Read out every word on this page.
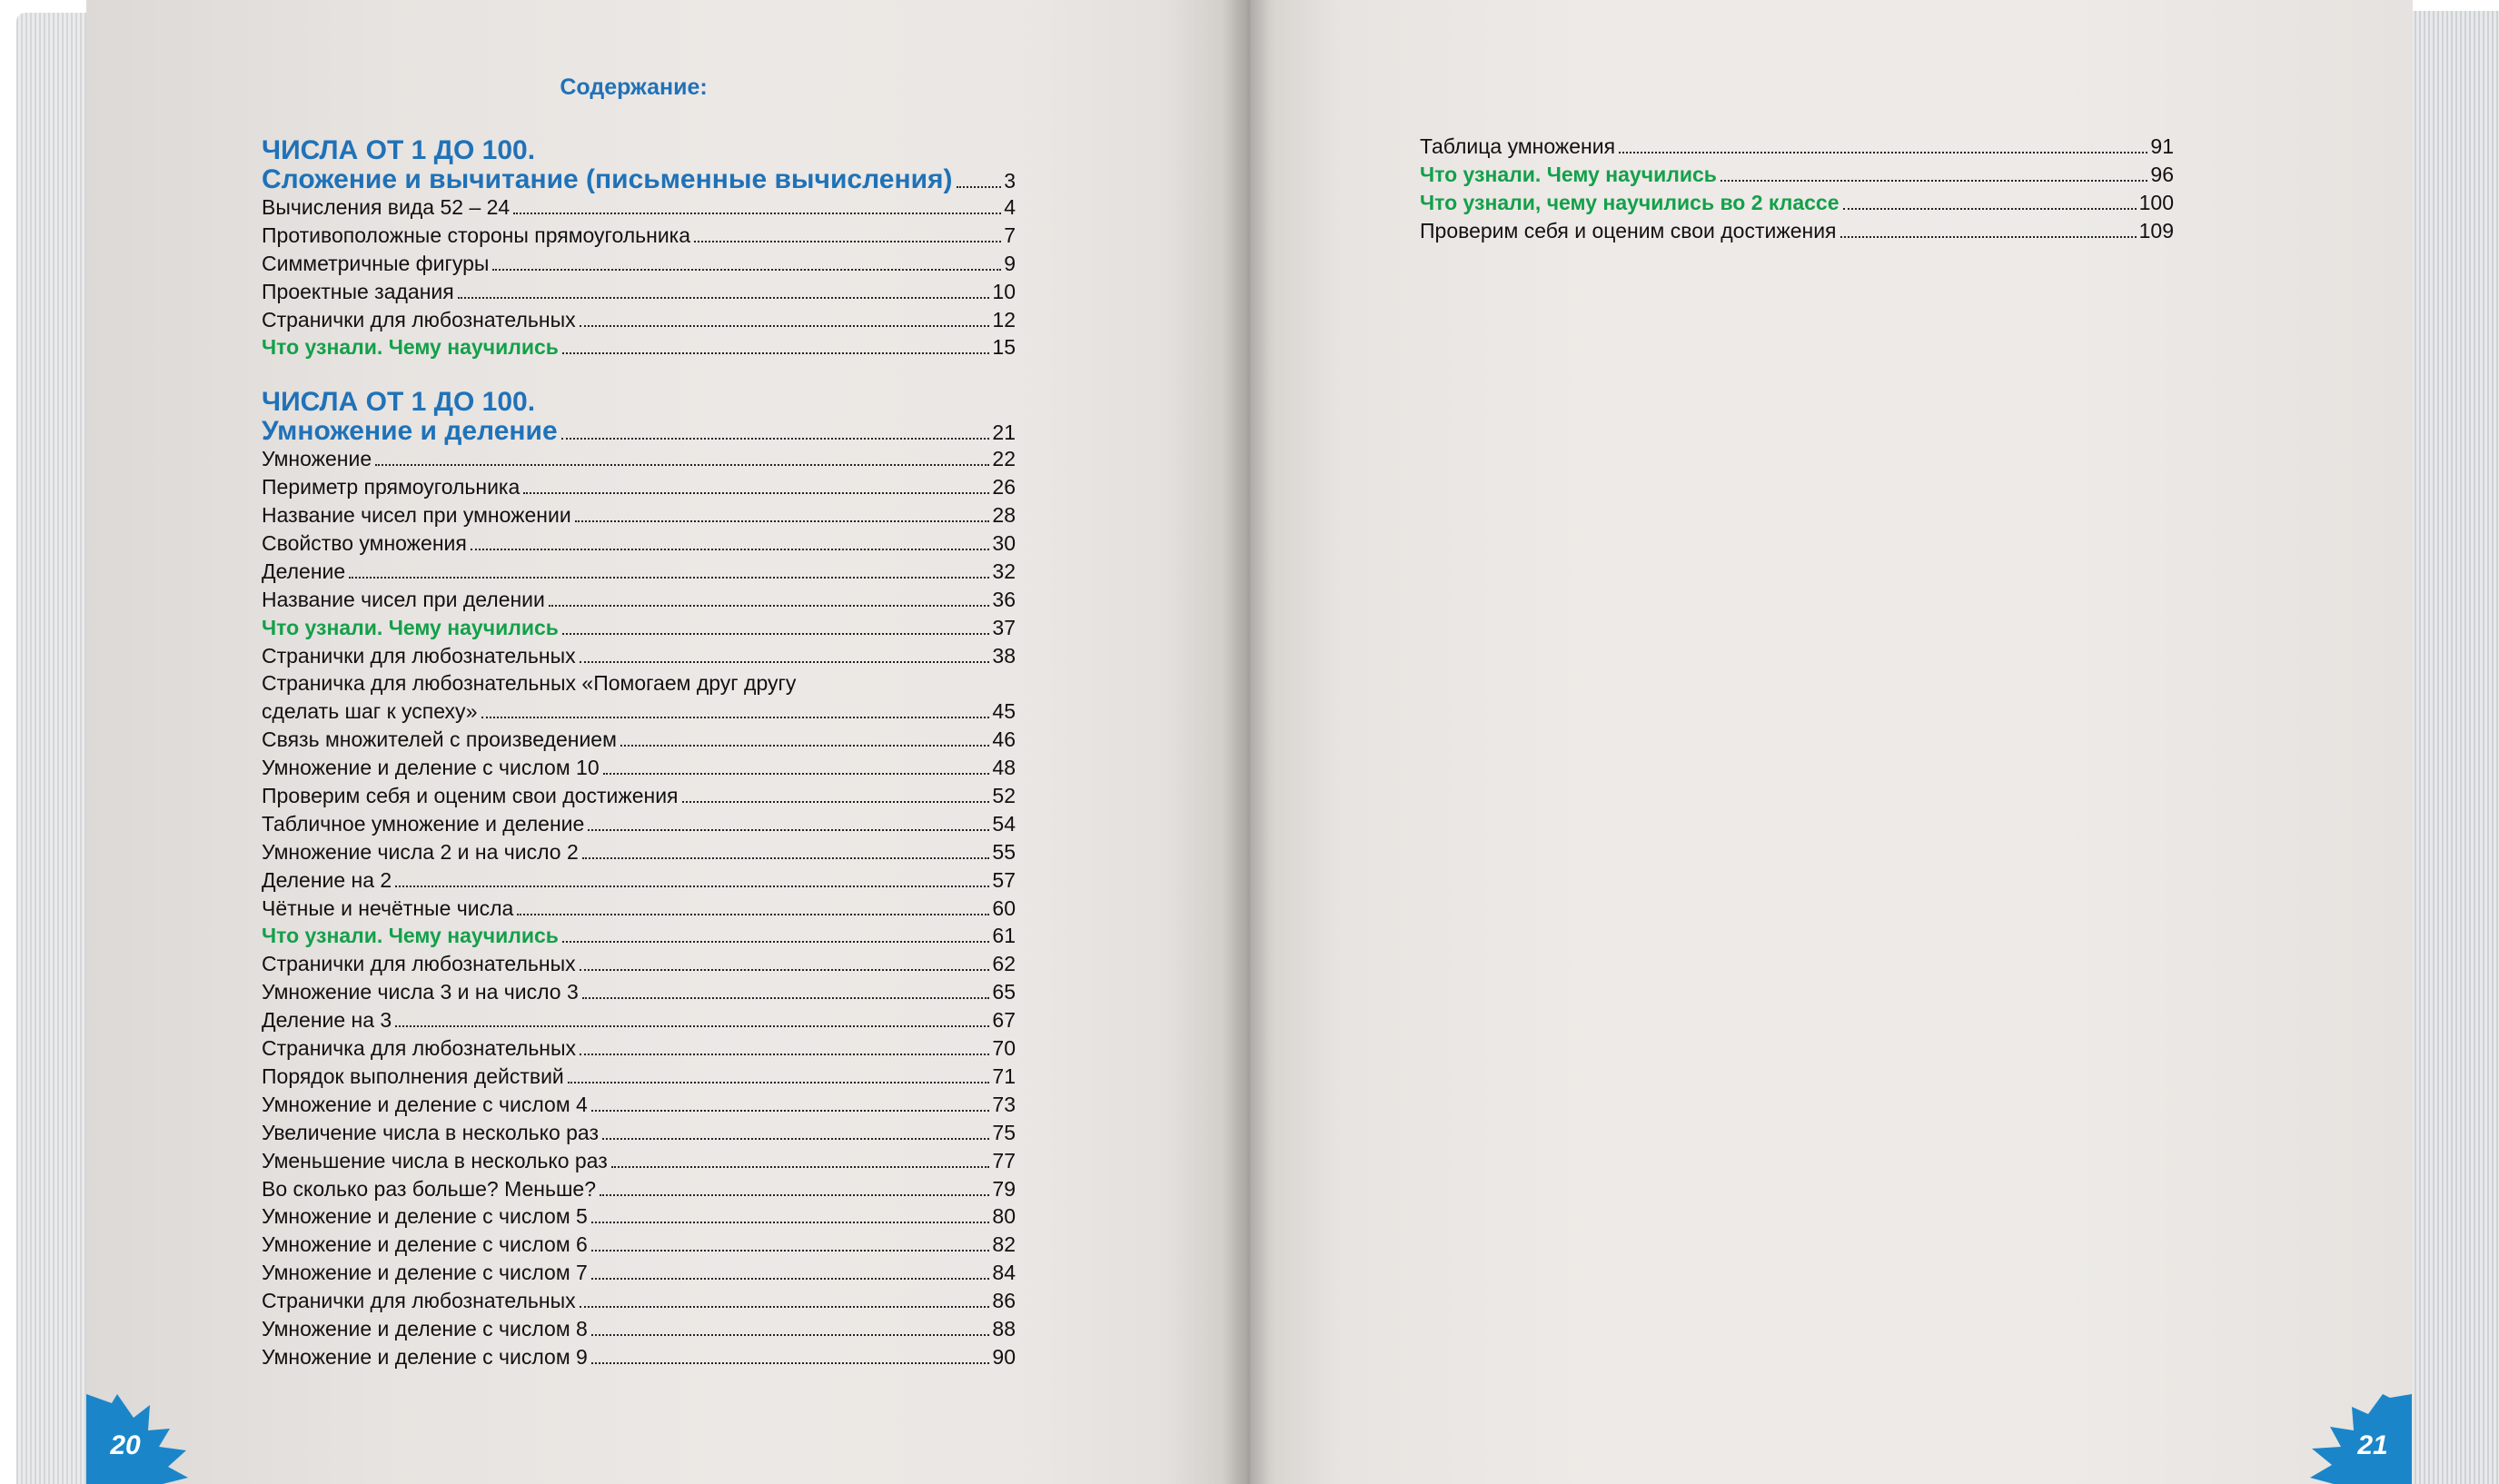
Содержание:
ЧИСЛА ОТ 1 ДО 100.
Сложение и вычитание (письменные вычисления) 3
Вычисления вида 52 – 24	4
Противоположные стороны прямоугольника	7
Симметричные фигуры	9
Проектные задания	10
Странички для любознательных	12
Что узнали. Чему научились	15
ЧИСЛА ОТ 1 ДО 100.
Умножение и деление	21
Умножение	22
Периметр прямоугольника	26
Название чисел при умножении	28
Свойство умножения	30
Деление	32
Название чисел при делении	36
Что узнали. Чему научились	37
Странички для любознательных	38
Страничка для любознательных «Помогаем друг другу
сделать шаг к успеху»	45
Связь множителей с произведением	46
Умножение и деление с числом 10	48
Проверим себя и оценим свои достижения	52
Табличное умножение и деление	54
Умножение числа 2 и на число 2	55
Деление на 2	57
Чётные и нечётные числа	60
Что узнали. Чему научились	61
Странички для любознательных	62
Умножение числа 3 и на число 3	65
Деление на 3	67
Страничка для любознательных	70
Порядок выполнения действий	71
Умножение и деление с числом 4	73
Увеличение числа в несколько раз	75
Уменьшение числа в несколько раз	77
Во сколько раз больше? Меньше?	79
Умножение и деление с числом 5	80
Умножение и деление с числом 6	82
Умножение и деление с числом 7	84
Странички для любознательных	86
Умножение и деление с числом 8	88
Умножение и деление с числом 9	90
Таблица умножения	91
Что узнали. Чему научились	96
Что узнали, чему научились во 2 классе	100
Проверим себя и оценим свои достижения	109
20	21
